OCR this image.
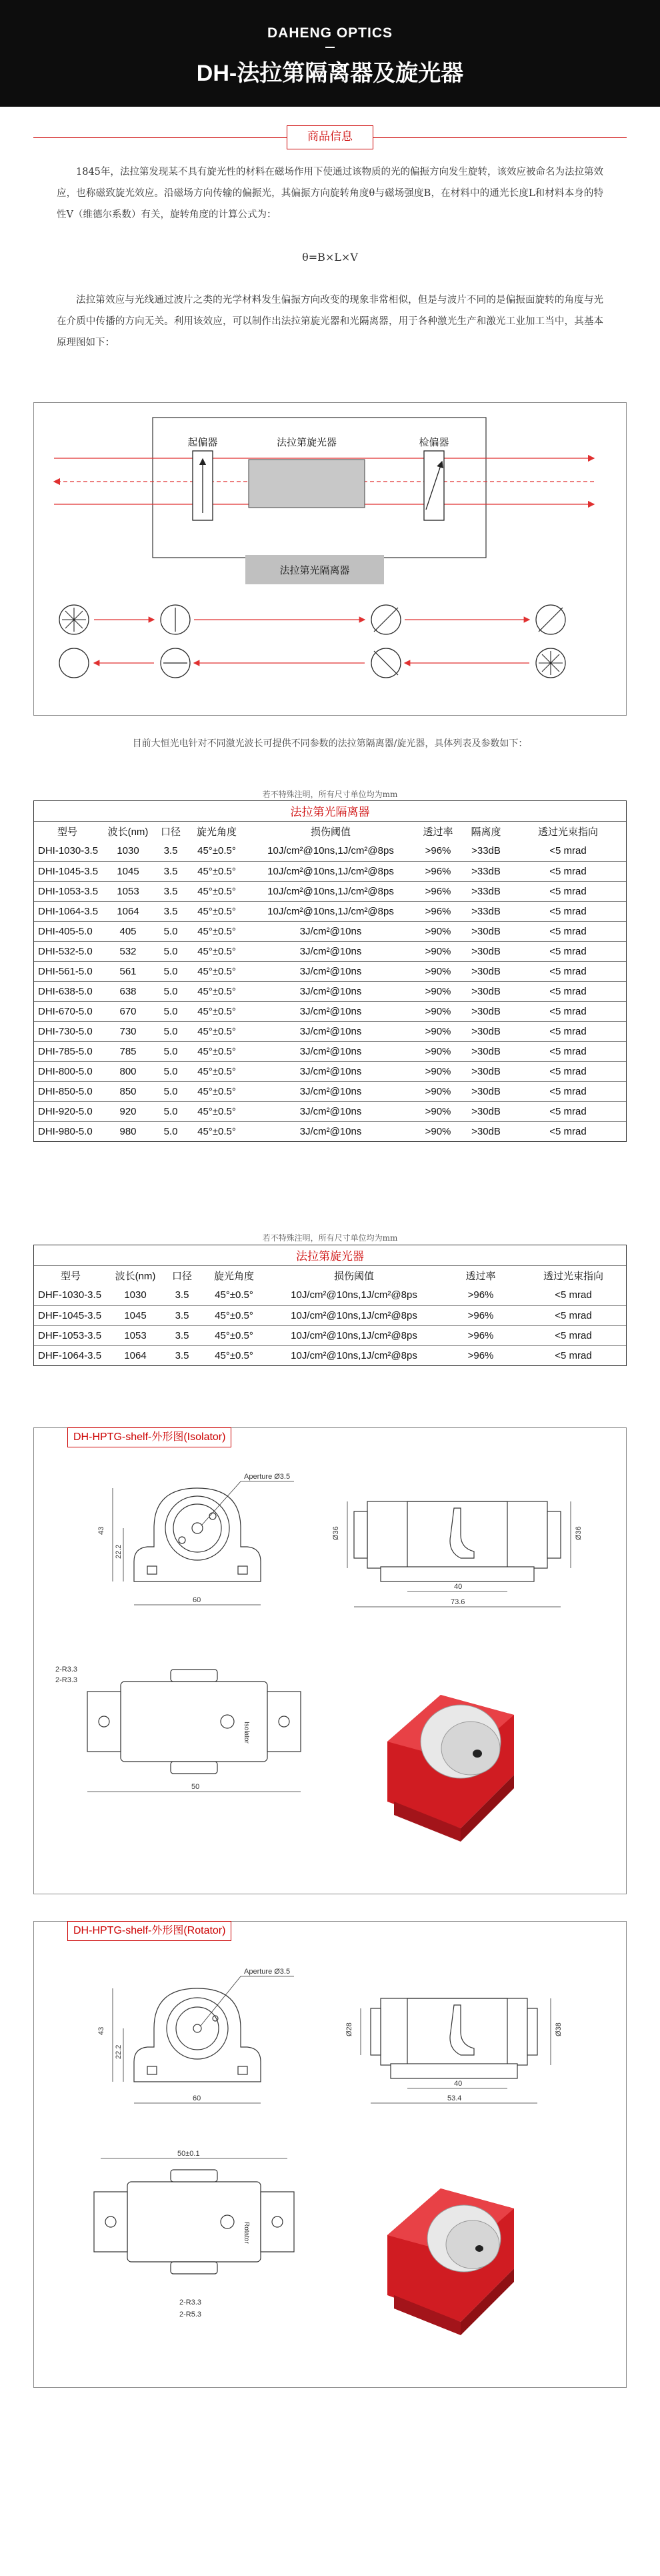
DAHENG OPTICS
DH-法拉第隔离器及旋光器
商品信息
1845年，法拉第发现某不具有旋光性的材料在磁场作用下使通过该物质的光的偏振方向发生旋转，该效应被命名为法拉第效应，也称磁致旋光效应。沿磁场方向传输的偏振光，其偏振方向旋转角度θ与磁场强度B，在材料中的通光长度L和材料本身的特性V（维德尔系数）有关，旋转角度的计算公式为：
θ=B×L×V
法拉第效应与光线通过波片之类的光学材料发生偏振方向改变的现象非常相似，但是与波片不同的是偏振面旋转的角度与光在介质中传播的方向无关。利用该效应，可以制作出法拉第旋光器和光隔离器，用于各种激光生产和激光工业加工当中，其基本原理图如下：
起偏器	法拉第旋光器	检偏器
法拉第光隔离器
目前大恒光电针对不同激光波长可提供不同参数的法拉第隔离器/旋光器，具体列表及参数如下：
若不特殊注明，所有尺寸单位均为mm
法拉第光隔离器							
型号	波长(nm)	口径	旋光角度	损伤阈值	透过率	隔离度	透过光束指向
DHI-1030-3.5	1030	3.5	45°±0.5°	10J/cm²@10ns,1J/cm²@8ps	>96%	>33dB	<5 mrad
DHI-1045-3.5	1045	3.5	45°±0.5°	10J/cm²@10ns,1J/cm²@8ps	>96%	>33dB	<5 mrad
DHI-1053-3.5	1053	3.5	45°±0.5°	10J/cm²@10ns,1J/cm²@8ps	>96%	>33dB	<5 mrad
DHI-1064-3.5	1064	3.5	45°±0.5°	10J/cm²@10ns,1J/cm²@8ps	>96%	>33dB	<5 mrad
DHI-405-5.0	405	5.0	45°±0.5°	3J/cm²@10ns	>90%	>30dB	<5 mrad
DHI-532-5.0	532	5.0	45°±0.5°	3J/cm²@10ns	>90%	>30dB	<5 mrad
DHI-561-5.0	561	5.0	45°±0.5°	3J/cm²@10ns	>90%	>30dB	<5 mrad
DHI-638-5.0	638	5.0	45°±0.5°	3J/cm²@10ns	>90%	>30dB	<5 mrad
DHI-670-5.0	670	5.0	45°±0.5°	3J/cm²@10ns	>90%	>30dB	<5 mrad
DHI-730-5.0	730	5.0	45°±0.5°	3J/cm²@10ns	>90%	>30dB	<5 mrad
DHI-785-5.0	785	5.0	45°±0.5°	3J/cm²@10ns	>90%	>30dB	<5 mrad
DHI-800-5.0	800	5.0	45°±0.5°	3J/cm²@10ns	>90%	>30dB	<5 mrad
DHI-850-5.0	850	5.0	45°±0.5°	3J/cm²@10ns	>90%	>30dB	<5 mrad
DHI-920-5.0	920	5.0	45°±0.5°	3J/cm²@10ns	>90%	>30dB	<5 mrad
DHI-980-5.0	980	5.0	45°±0.5°	3J/cm²@10ns	>90%	>30dB	<5 mrad
若不特殊注明，所有尺寸单位均为mm
法拉第旋光器						
型号	波长(nm)	口径	旋光角度	损伤阈值	透过率	透过光束指向
DHF-1030-3.5	1030	3.5	45°±0.5°	10J/cm²@10ns,1J/cm²@8ps	>96%	<5 mrad
DHF-1045-3.5	1045	3.5	45°±0.5°	10J/cm²@10ns,1J/cm²@8ps	>96%	<5 mrad
DHF-1053-3.5	1053	3.5	45°±0.5°	10J/cm²@10ns,1J/cm²@8ps	>96%	<5 mrad
DHF-1064-3.5	1064	3.5	45°±0.5°	10J/cm²@10ns,1J/cm²@8ps	>96%	<5 mrad
DH-HPTG-shelf-外形图(Isolator)
Aperture Ø3.5
43
22.2
60
Ø36	Ø36
40
73.6
Isolator
2-R3.3
2-R3.3
50
DH-HPTG-shelf-外形图(Rotator)
Aperture Ø3.5
43
22.2
60
Ø28	Ø38
40
53.4
50±0.1
Rotator
2-R3.3
2-R5.3
